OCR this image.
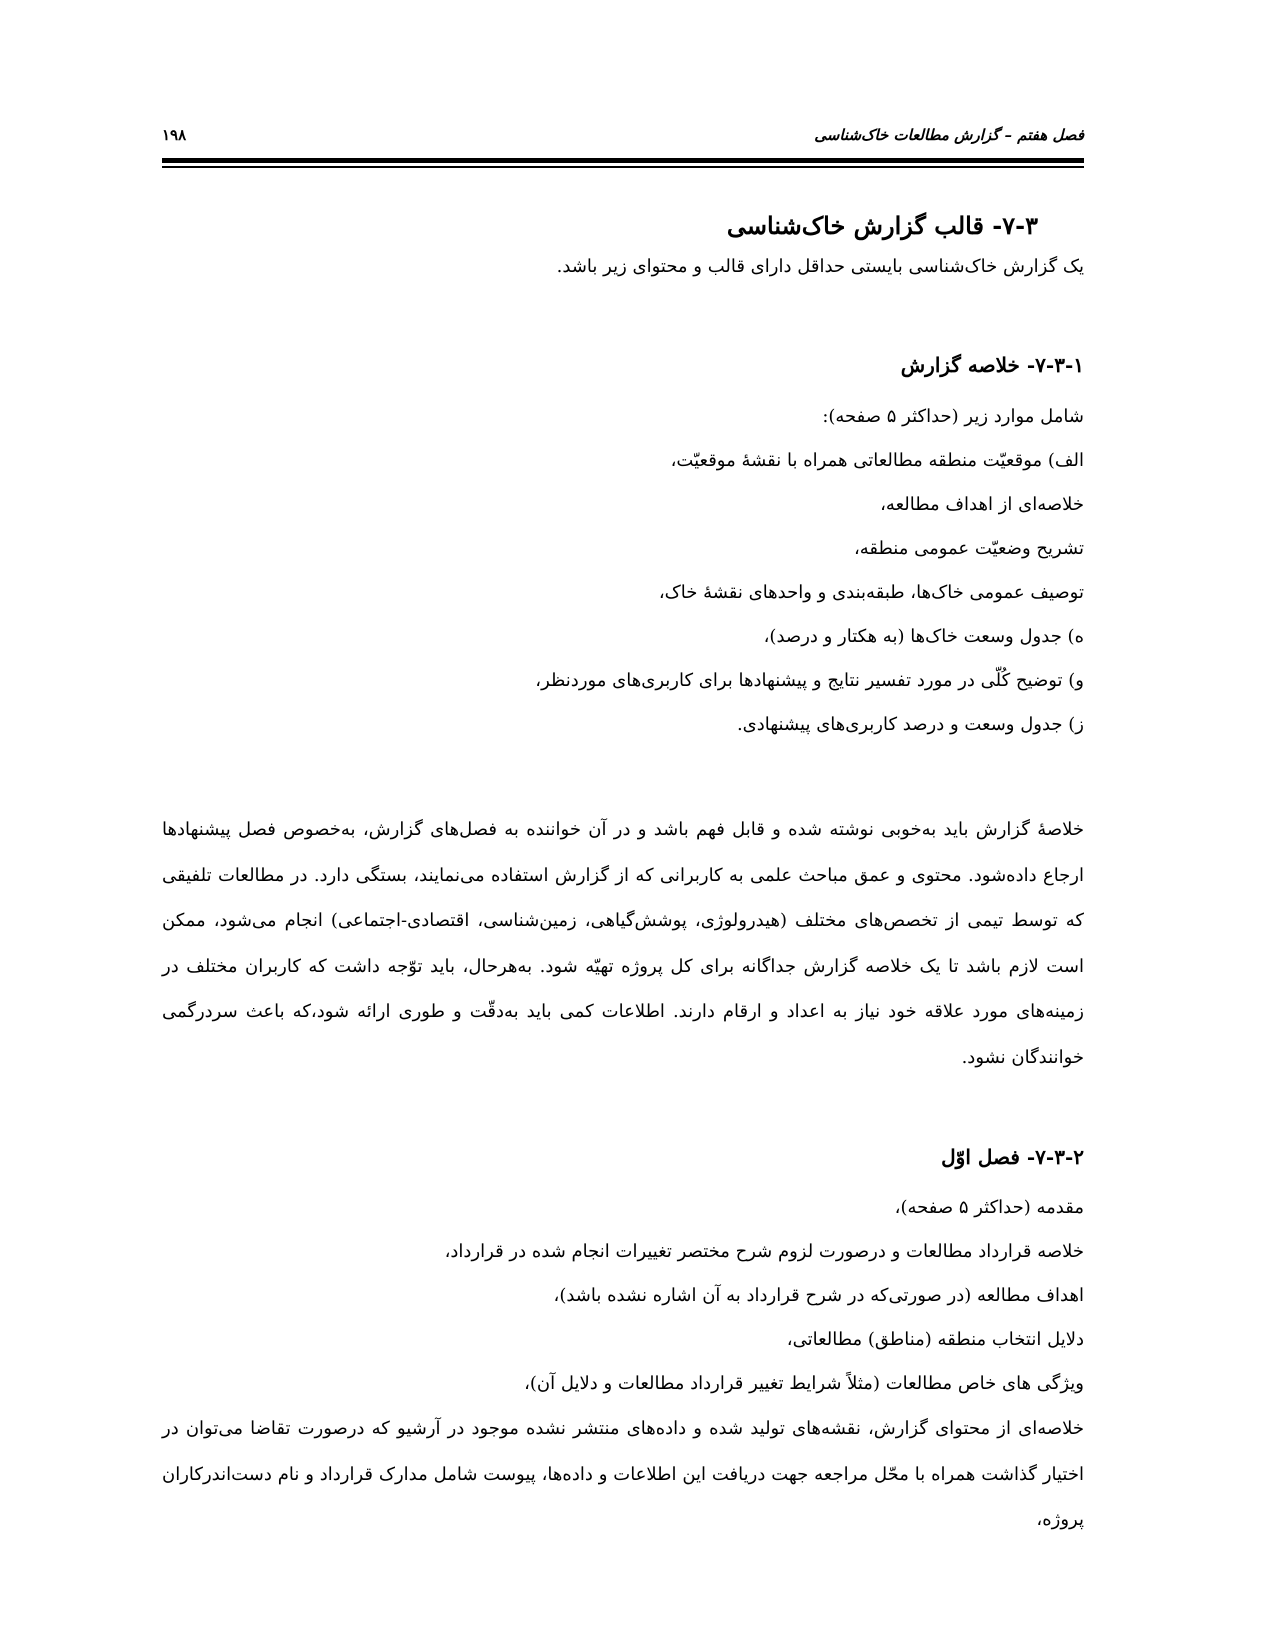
فصل هفتم – گزارش مطالعات خاک‌شناسی
۱۹۸
۷-۳- قالب گزارش خاک‌شناسی

یک گزارش خاک‌شناسی بایستی حداقل دارای قالب و محتوای زیر باشد.

۷-۳-۱- خلاصه گزارش

شامل موارد زیر (حداکثر ۵ صفحه):

الف) موقعیّت منطقه مطالعاتی همراه با نقشهٔ موقعیّت،
خلاصه‌ای از اهداف مطالعه،
تشریح وضعیّت عمومی منطقه،
توصیف عمومی خاک‌ها، طبقه‌بندی و واحدهای نقشهٔ خاک،
ه) جدول وسعت خاک‌ها (به هکتار و درصد)،
و) توضیح کُلّی در مورد تفسیر نتایج و پیشنهادها برای کاربری‌های موردنظر،
ز) جدول وسعت و درصد کاربری‌های پیشنهادی.

خلاصهٔ گزارش باید به‌خوبی نوشته شده و قابل فهم باشد و در آن خواننده به فصل‌های گزارش، به‌خصوص فصل پیشنهادها ارجاع داده‌شود. محتوی و عمق مباحث علمی به کاربرانی که از گزارش استفاده می‌نمایند، بستگی دارد. در مطالعات تلفیقی که توسط تیمی از تخصص‌های مختلف (هیدرولوژی، پوشش‌گیاهی، زمین‌شناسی، اقتصادی-اجتماعی) انجام می‌شود، ممکن است لازم باشد تا یک خلاصه گزارش جداگانه برای کل پروژه تهیّه شود. به‌هرحال، باید توّجه داشت که کاربران مختلف در زمینه‌های مورد علاقه خود نیاز به اعداد و ارقام دارند. اطلاعات کمی باید به‌دقّت و طوری ارائه شود،که باعث سردرگمی خوانندگان نشود.

۷-۳-۲- فصل اوّل
مقدمه (حداکثر ۵ صفحه)،
خلاصه قرارداد مطالعات و درصورت لزوم شرح مختصر تغییرات انجام شده در قرارداد،
اهداف مطالعه (در صورتی‌که در شرح قرارداد به آن اشاره نشده باشد)،
دلایل انتخاب منطقه (مناطق) مطالعاتی،
ویژگی‌ های خاص مطالعات (مثلاً شرایط تغییر قرارداد مطالعات و دلایل آن)،

خلاصه‌ای از محتوای گزارش، نقشه‌های تولید شده و داده‌های منتشر نشده موجود در آرشیو که درصورت تقاضا می‌توان در اختیار گذاشت همراه با محّل مراجعه جهت دریافت این اطلاعات و داده‌ها، پیوست شامل مدارک قرارداد و نام دست‌اندرکاران پروژه،
